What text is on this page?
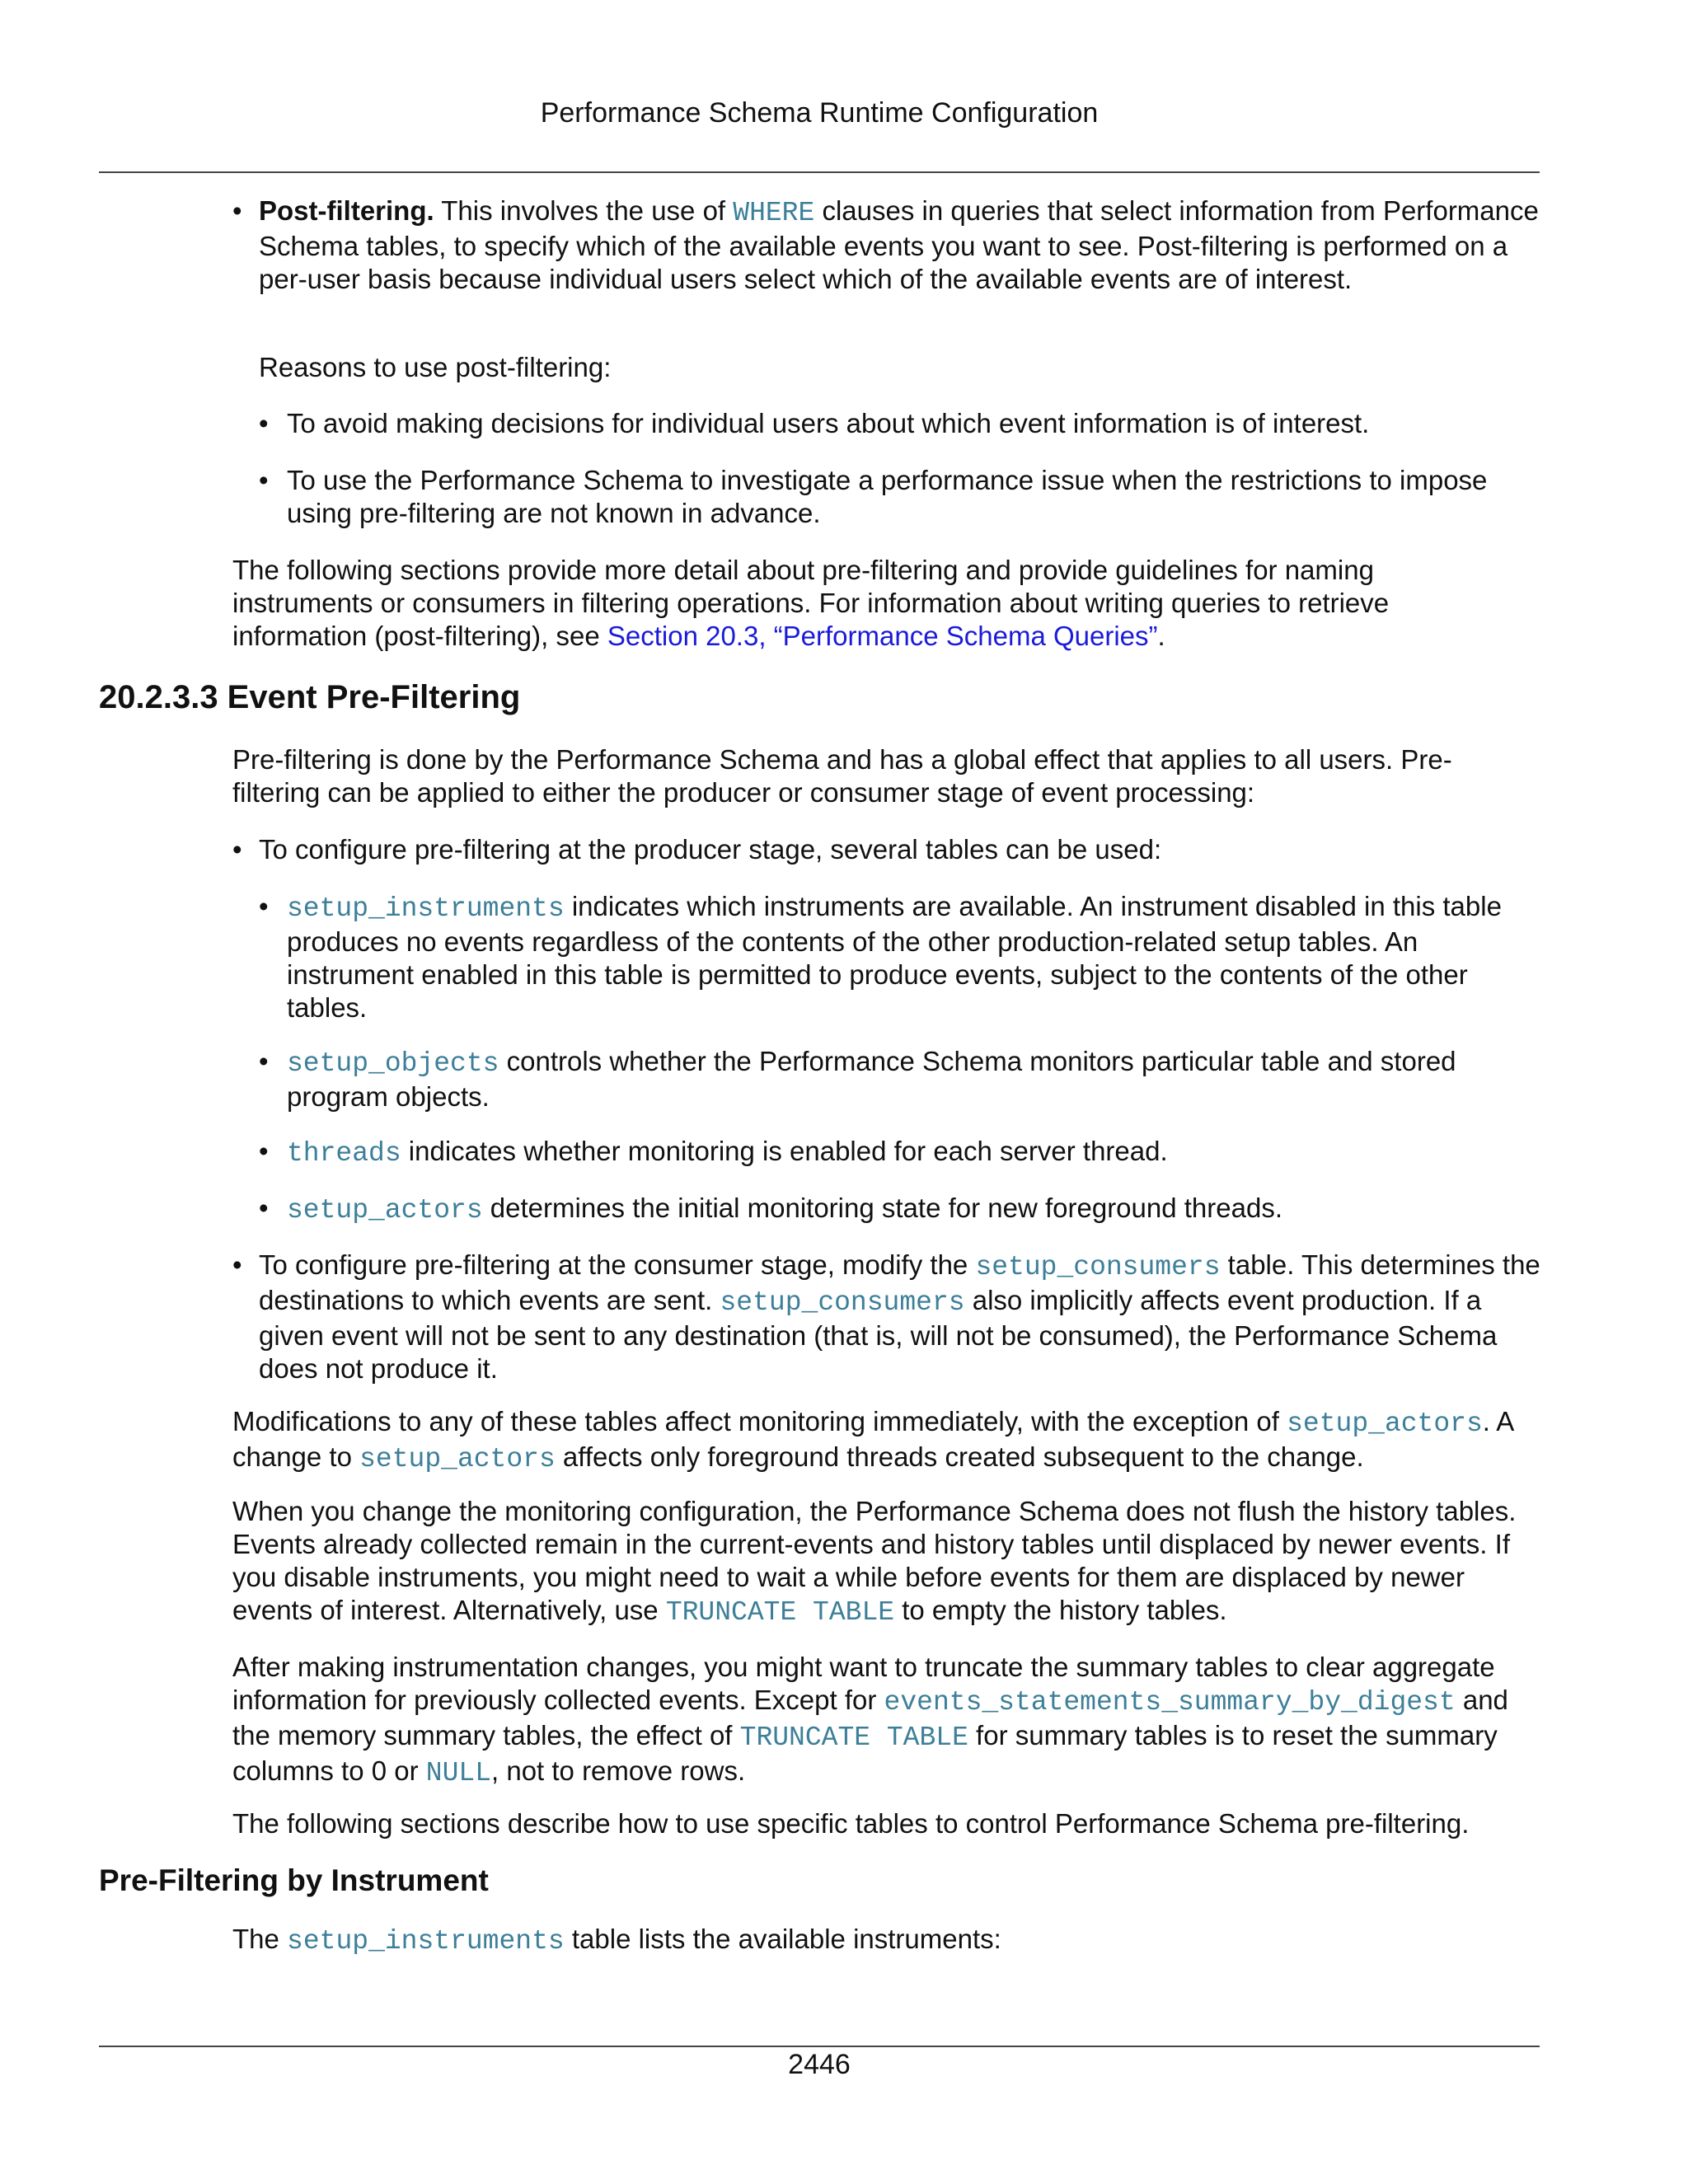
Performance Schema Runtime Configuration
• Post-filtering. This involves the use of WHERE clauses in queries that select information from Performance Schema tables, to specify which of the available events you want to see. Post-filtering is performed on a per-user basis because individual users select which of the available events are of interest.
Reasons to use post-filtering:
• To avoid making decisions for individual users about which event information is of interest.
• To use the Performance Schema to investigate a performance issue when the restrictions to impose using pre-filtering are not known in advance.
The following sections provide more detail about pre-filtering and provide guidelines for naming instruments or consumers in filtering operations. For information about writing queries to retrieve information (post-filtering), see Section 20.3, “Performance Schema Queries”.
20.2.3.3 Event Pre-Filtering
Pre-filtering is done by the Performance Schema and has a global effect that applies to all users. Pre-filtering can be applied to either the producer or consumer stage of event processing:
• To configure pre-filtering at the producer stage, several tables can be used:
• setup_instruments indicates which instruments are available. An instrument disabled in this table produces no events regardless of the contents of the other production-related setup tables. An instrument enabled in this table is permitted to produce events, subject to the contents of the other tables.
• setup_objects controls whether the Performance Schema monitors particular table and stored program objects.
• threads indicates whether monitoring is enabled for each server thread.
• setup_actors determines the initial monitoring state for new foreground threads.
• To configure pre-filtering at the consumer stage, modify the setup_consumers table. This determines the destinations to which events are sent. setup_consumers also implicitly affects event production. If a given event will not be sent to any destination (that is, will not be consumed), the Performance Schema does not produce it.
Modifications to any of these tables affect monitoring immediately, with the exception of setup_actors. A change to setup_actors affects only foreground threads created subsequent to the change.
When you change the monitoring configuration, the Performance Schema does not flush the history tables. Events already collected remain in the current-events and history tables until displaced by newer events. If you disable instruments, you might need to wait a while before events for them are displaced by newer events of interest. Alternatively, use TRUNCATE TABLE to empty the history tables.
After making instrumentation changes, you might want to truncate the summary tables to clear aggregate information for previously collected events. Except for events_statements_summary_by_digest and the memory summary tables, the effect of TRUNCATE TABLE for summary tables is to reset the summary columns to 0 or NULL, not to remove rows.
The following sections describe how to use specific tables to control Performance Schema pre-filtering.
Pre-Filtering by Instrument
The setup_instruments table lists the available instruments:
2446
